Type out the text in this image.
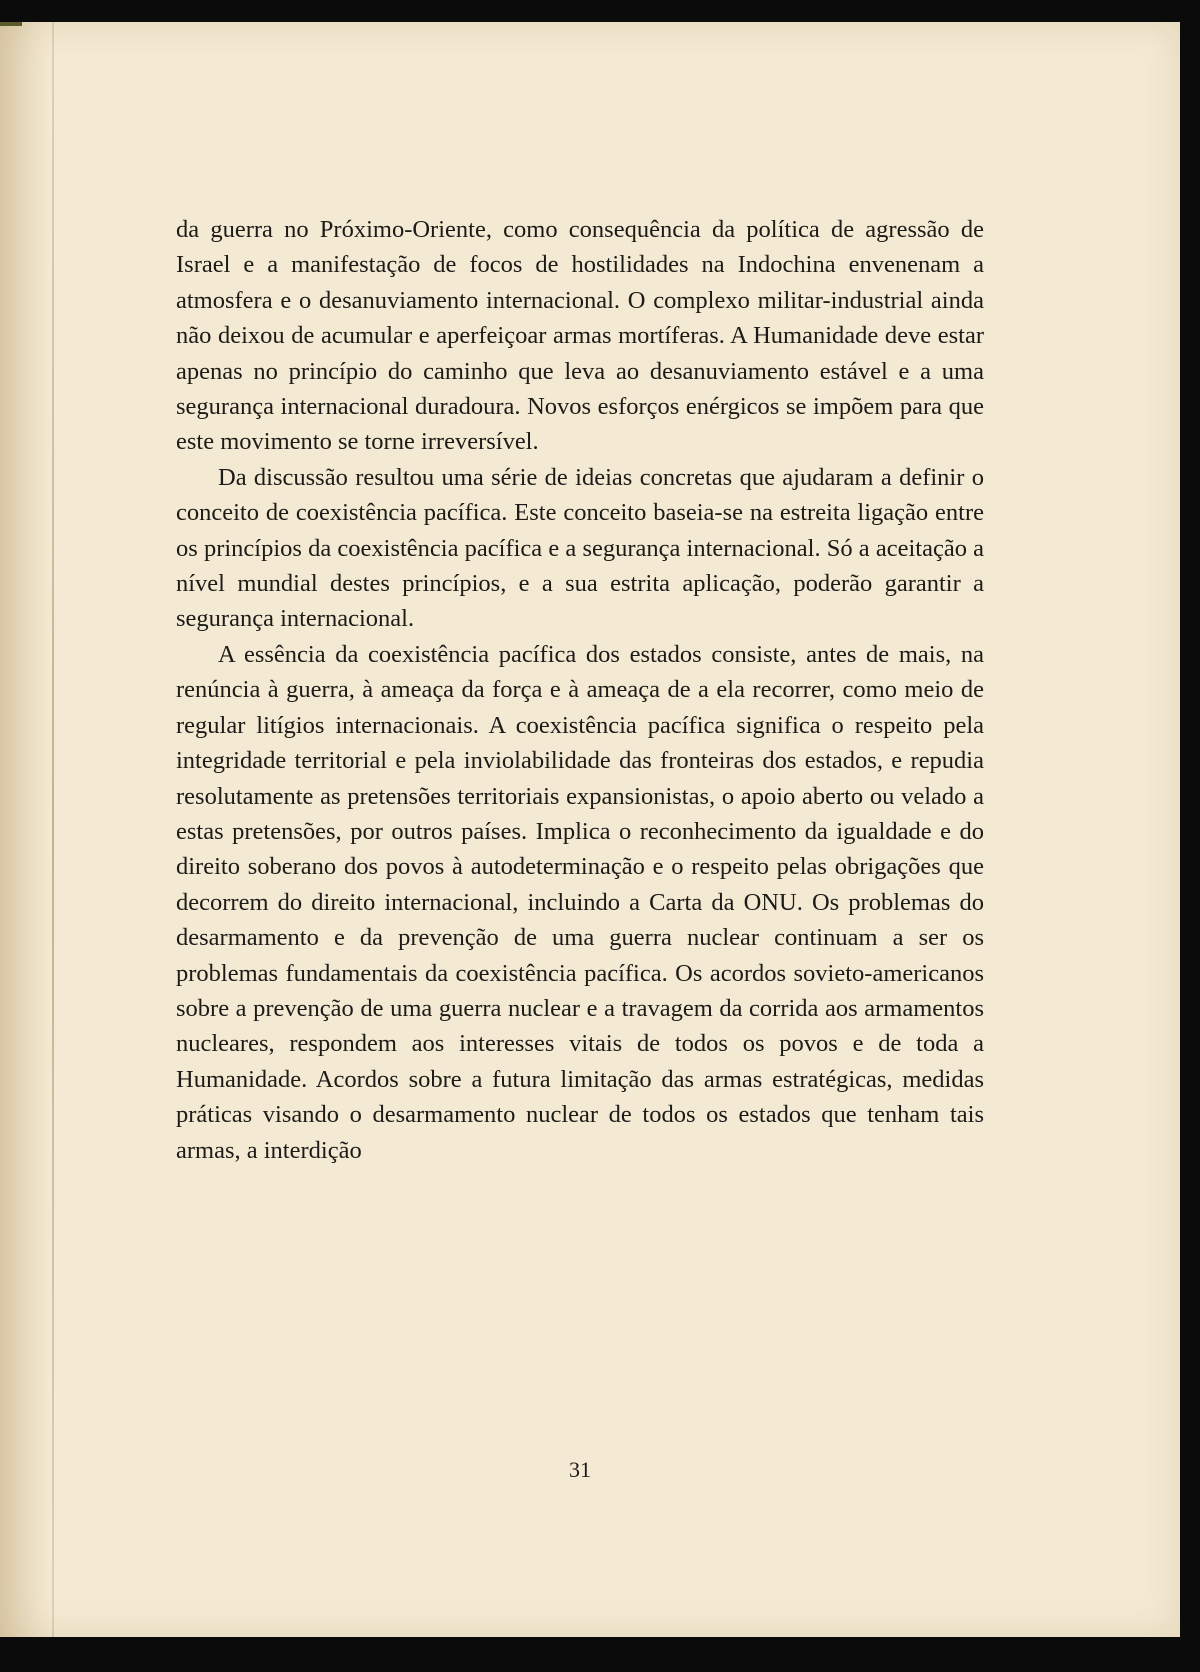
da guerra no Próximo-Oriente, como consequência da política de agressão de Israel e a manifestação de focos de hostilidades na Indochina envenenam a atmosfera e o desanuviamento internacional. O complexo militar-industrial ainda não deixou de acumular e aperfeiçoar armas mortíferas. A Humanidade deve estar apenas no princípio do caminho que leva ao desanuviamento estável e a uma segurança internacional duradoura. Novos esforços enérgicos se impõem para que este movimento se torne irreversível.

Da discussão resultou uma série de ideias concretas que ajudaram a definir o conceito de coexistência pacífica. Este conceito baseia-se na estreita ligação entre os princípios da coexistência pacífica e a segurança internacional. Só a aceitação a nível mundial destes princípios, e a sua estrita aplicação, poderão garantir a segurança internacional.

A essência da coexistência pacífica dos estados consiste, antes de mais, na renúncia à guerra, à ameaça da força e à ameaça de a ela recorrer, como meio de regular litígios internacionais. A coexistência pacífica significa o respeito pela integridade territorial e pela inviolabilidade das fronteiras dos estados, e repudia resolutamente as pretensões territoriais expansionistas, o apoio aberto ou velado a estas pretensões, por outros países. Implica o reconhecimento da igualdade e do direito soberano dos povos à autodeterminação e o respeito pelas obrigações que decorrem do direito internacional, incluindo a Carta da ONU. Os problemas do desarmamento e da prevenção de uma guerra nuclear continuam a ser os problemas fundamentais da coexistência pacífica. Os acordos sovieto-americanos sobre a prevenção de uma guerra nuclear e a travagem da corrida aos armamentos nucleares, respondem aos interesses vitais de todos os povos e de toda a Humanidade. Acordos sobre a futura limitação das armas estratégicas, medidas práticas visando o desarmamento nuclear de todos os estados que tenham tais armas, a interdição

31
